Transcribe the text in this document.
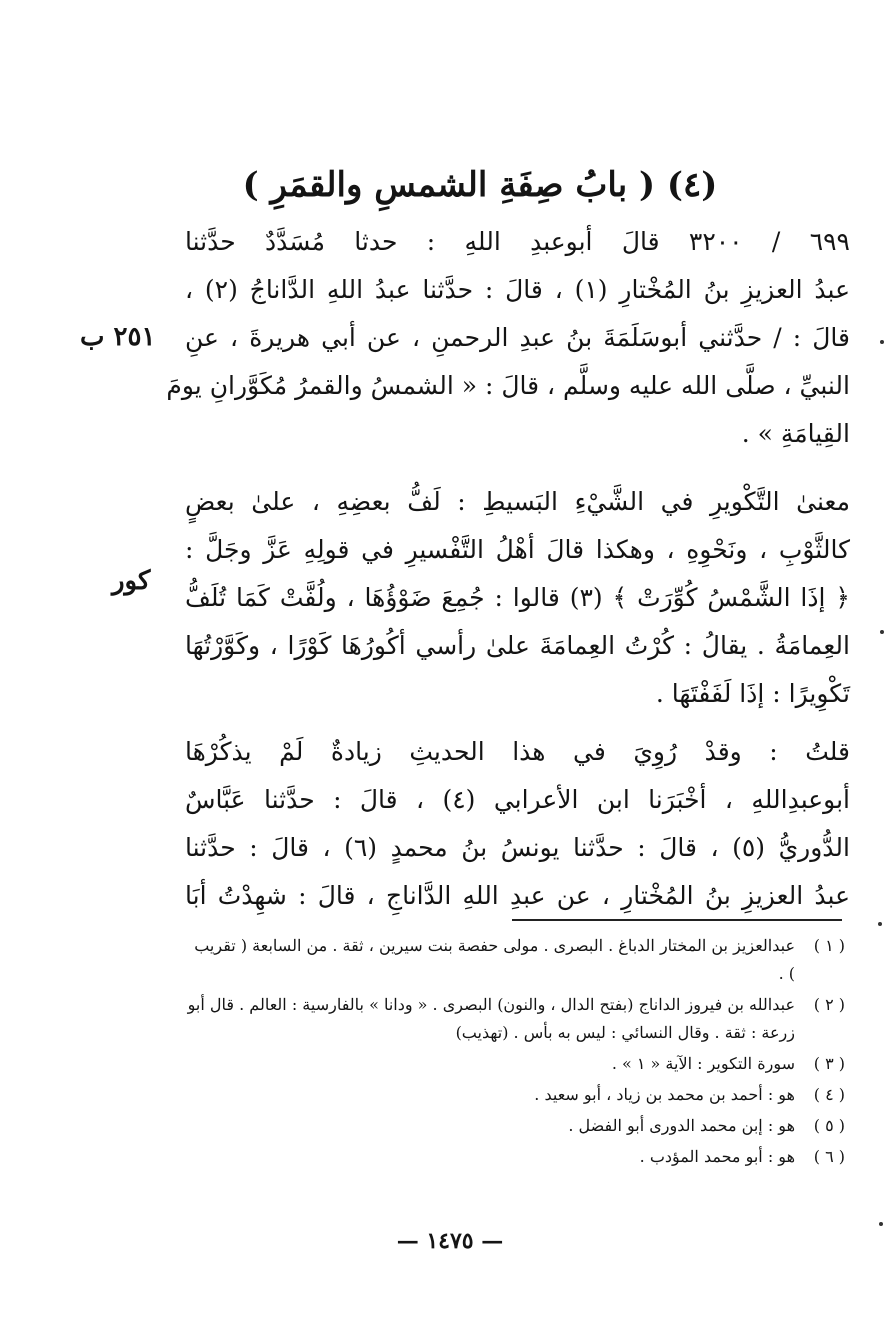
(٤) ( بابُ صِفَةِ الشمسِ والقمَرِ )
٦٩٩ / ٣٢٠٠ قالَ أبوعبدِ اللهِ : حدثا مُسَدَّدٌ حدَّثنا
عبدُ العزيزِ بنُ المُخْتارِ (١) ، قالَ : حدَّثنا عبدُ اللهِ الدَّاناجُ (٢) ،
قالَ : / حدَّثني أبوسَلَمَةَ بنُ عبدِ الرحمنِ ، عن أبي هريرةَ ، عنِ
النبيِّ ، صلَّى الله عليه وسلَّم ، قالَ : « الشمسُ والقمرُ مُكَوَّرانِ يومَ
القِيامَةِ » .
معنىٰ التَّكْويرِ في الشَّيْءِ البَسيطِ : لَفُّ بعضِهِ ، علىٰ بعضٍ
كالثَّوْبِ ، ونَحْوِهِ ، وهكذا قالَ أهْلُ التَّفْسيرِ في قولِهِ عَزَّ وجَلَّ :
﴿ إذَا الشَّمْسُ كُوِّرَتْ ﴾ (٣) قالوا : جُمِعَ ضَوْؤُهَا ، ولُفَّتْ كَمَا تُلَفُّ
العِمامَةُ . يقالُ : كُرْتُ العِمامَةَ علىٰ رأسي أكُورُهَا كَوْرًا ، وكَوَّرْتُهَا
تَكْوِيرًا : إذَا لَفَفْتَهَا .
قلتُ : وقدْ رُوِيَ في هذا الحديثِ زيادةٌ لَمْ يذكُرْهَا
أبوعبدِاللهِ ، أخْبَرَنا ابن الأعرابي (٤) ، قالَ : حدَّثنا عَبَّاسٌ
الدُّوريُّ (٥) ، قالَ : حدَّثنا يونسُ بنُ محمدٍ (٦) ، قالَ : حدَّثنا
عبدُ العزيزِ بنُ المُخْتارِ ، عن عبدِ اللهِ الدَّاناجِ ، قالَ : شهِدْتُ أبَا
٢٥١ ب
كور
( ١ )
عبدالعزيز بن المختار الدباغ . البصرى . مولى حفصة بنت سيرين ، ثقة . من السابعة ( تقريب ) .
( ٢ )
عبدالله بن فيروز الداناج (بفتح الدال ، والنون) البصرى . « ودانا » بالفارسية : العالم . قال أبو زرعة : ثقة . وقال النسائي : ليس به بأس . (تهذيب)
( ٣ )
سورة التكوير : الآية « ١ » .
( ٤ )
هو : أحمد بن محمد بن زياد ، أبو سعيد .
( ٥ )
هو : إبن محمد الدورى أبو الفضل .
( ٦ )
هو : أبو محمد المؤدب .
— ١٤٧٥ —
